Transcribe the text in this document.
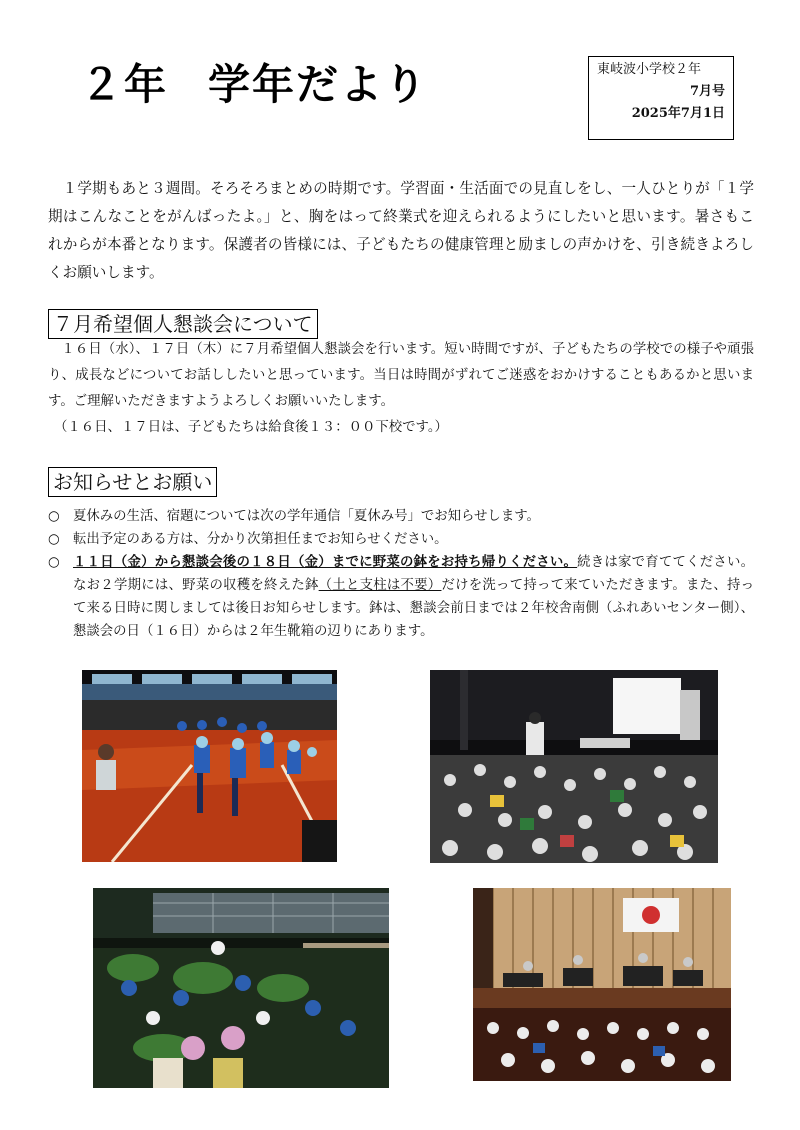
２年 学年だより	東岐波小学校２年
7月号
2025年7月1日
１学期もあと３週間。そろそろまとめの時期です。学習面・生活面での見直しをし、一人ひとりが「１学期はこんなことをがんばったよ。」と、胸をはって終業式を迎えられるようにしたいと思います。暑さもこれからが本番となります。保護者の皆様には、子どもたちの健康管理と励ましの声かけを、引き続きよろしくお願いします。
７月希望個人懇談会について
１６日（水）、１７日（木）に７月希望個人懇談会を行います。短い時間ですが、子どもたちの学校での様子や頑張り、成長などについてお話ししたいと思っています。当日は時間がずれてご迷惑をおかけすることもあるかと思います。ご理解いただきますようよろしくお願いいたします。
（１６日、１７日は、子どもたちは給食後１３：００下校です。）
お知らせとお願い

○ 夏休みの生活、宿題については次の学年通信「夏休み号」でお知らせします。

○ 転出予定のある方は、分かり次第担任までお知らせください。

○ １１日（金）から懇談会後の１８日（金）までに野菜の鉢をお持ち帰りください。続きは家で育ててください。なお２学期には、野菜の収穫を終えた鉢（土と支柱は不要）だけを洗って持って来ていただきます。また、持って来る日時に関しましては後日お知らせします。鉢は、懇談会前日までは２年校舎南側（ふれあいセンター側）、懇談会の日（１６日）からは２年生靴箱の辺りにあります。
